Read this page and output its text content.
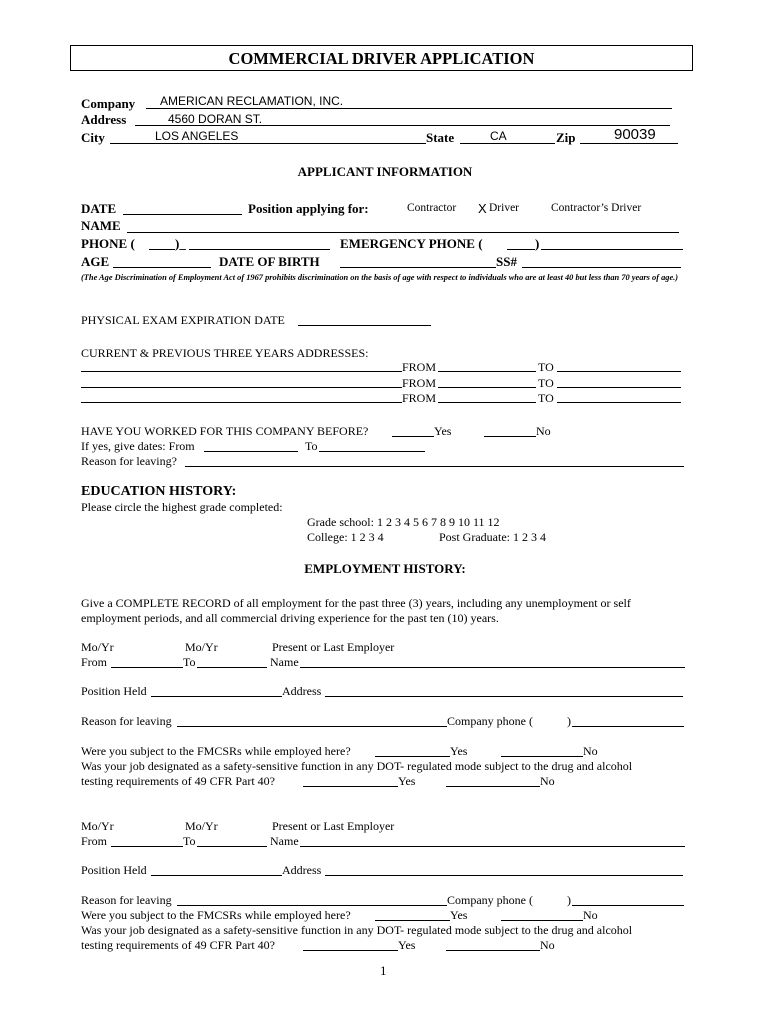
COMMERCIAL DRIVER APPLICATION
Company AMERICAN RECLAMATION, INC.
Address	4560 DORAN ST.
City	LOS ANGELES	State	CA	Zip	90039
APPLICANT INFORMATION
DATE	Position applying for:	Contractor X Driver	Contractor’s Driver
NAME
PHONE (	)_	EMERGENCY PHONE (	)
AGE	DATE OF BIRTH	SS#
(The Age Discrimination of Employment Act of 1967 prohibits discrimination on the basis of age with respect to individuals who are at least 40 but less than 70 years of age.)
PHYSICAL EXAM EXPIRATION DATE
CURRENT & PREVIOUS THREE YEARS ADDRESSES:
FROM	TO
FROM	TO
FROM	TO
HAVE YOU WORKED FOR THIS COMPANY BEFORE?	Yes	No
If yes, give dates: From	To
Reason for leaving?
EDUCATION HISTORY:
Please circle the highest grade completed:
Grade school: 1 2 3 4 5 6 7 8 9 10 11 12
College: 1 2 3 4	Post Graduate: 1 2 3 4
EMPLOYMENT HISTORY:
Give a COMPLETE RECORD of all employment for the past three (3) years, including any unemployment or self
employment periods, and all commercial driving experience for the past ten (10) years.
Mo/Yr	Mo/Yr	Present or Last Employer
From	To	Name
Position Held	Address
Reason for leaving	Company phone (	)
Were you subject to the FMCSRs while employed here?	Yes	No
Was your job designated as a safety-sensitive function in any DOT- regulated mode subject to the drug and alcohol
testing requirements of 49 CFR Part 40?	Yes	No
Mo/Yr	Mo/Yr	Present or Last Employer
From	To	Name
Position Held	Address
Reason for leaving	Company phone (	)
Were you subject to the FMCSRs while employed here?	Yes	No
Was your job designated as a safety-sensitive function in any DOT- regulated mode subject to the drug and alcohol
testing requirements of 49 CFR Part 40?	Yes	No
1
